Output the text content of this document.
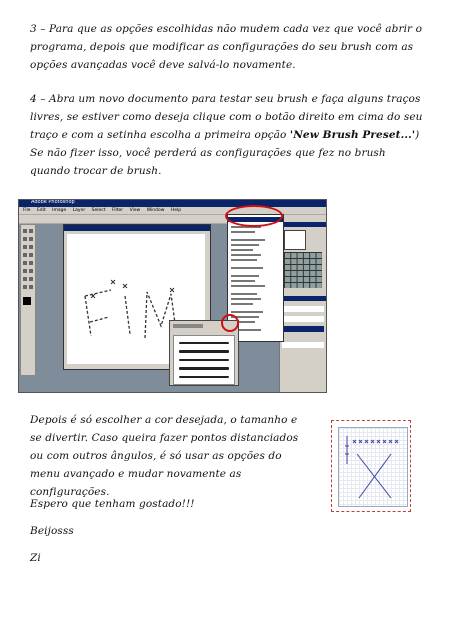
3 – Para que as opções escolhidas não mudem cada vez que você abrir o programa, depois que modificar as configurações do seu brush com as opções avançadas você deve salvá-lo novamente.
4 – Abra um novo documento para testar seu brush e faça alguns traços livres, se estiver como deseja clique com o botão direito em cima do seu traço e com a setinha escolha a primeira opção 'New Brush Preset...') Se não fizer isso, você perderá as configurações que fez no brush quando trocar de brush.
Adobe Photoshop
File Edit Image Layer Select Filter View Window Help
Depois é só escolher a cor desejada, o tamanho e se divertir. Caso queira fazer pontos distanciados ou com outros ângulos, é só usar as opções do menu avançado e mudar novamente as configurações.
Espero que tenham gostado!!!
Beijosss
Zi
